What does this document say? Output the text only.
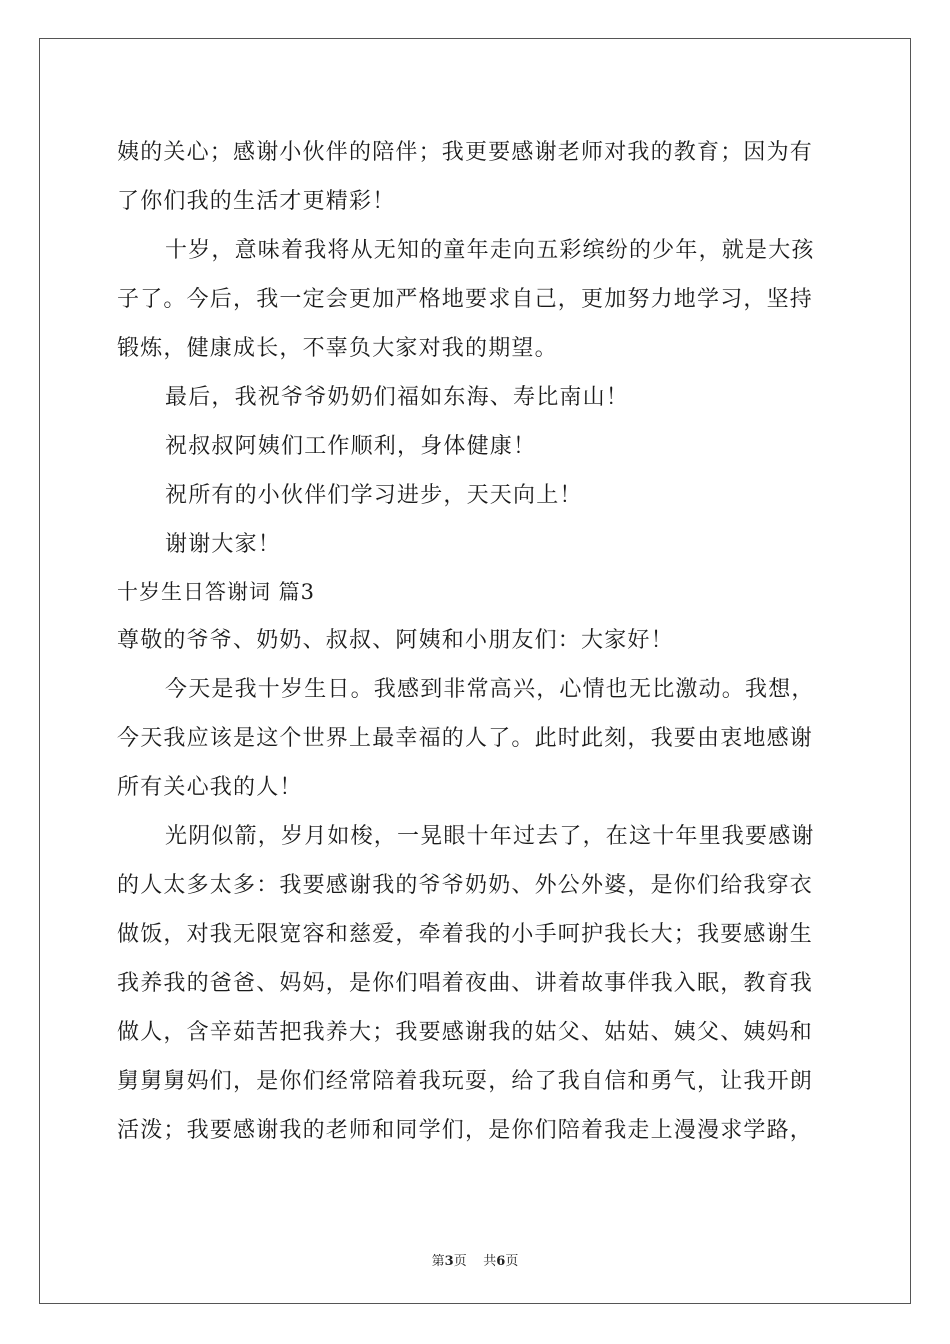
姨的关心；感谢小伙伴的陪伴；我更要感谢老师对我的教育；因为有
了你们我的生活才更精彩！
十岁，意味着我将从无知的童年走向五彩缤纷的少年，就是大孩
子了。今后，我一定会更加严格地要求自己，更加努力地学习，坚持
锻炼，健康成长，不辜负大家对我的期望。
最后，我祝爷爷奶奶们福如东海、寿比南山！
祝叔叔阿姨们工作顺利，身体健康！
祝所有的小伙伴们学习进步，天天向上！
谢谢大家！
十岁生日答谢词 篇3
尊敬的爷爷、奶奶、叔叔、阿姨和小朋友们：大家好！
今天是我十岁生日。我感到非常高兴，心情也无比激动。我想，
今天我应该是这个世界上最幸福的人了。此时此刻，我要由衷地感谢
所有关心我的人！
光阴似箭，岁月如梭，一晃眼十年过去了，在这十年里我要感谢
的人太多太多：我要感谢我的爷爷奶奶、外公外婆，是你们给我穿衣
做饭，对我无限宽容和慈爱，牵着我的小手呵护我长大；我要感谢生
我养我的爸爸、妈妈，是你们唱着夜曲、讲着故事伴我入眠，教育我
做人，含辛茹苦把我养大；我要感谢我的姑父、姑姑、姨父、姨妈和
舅舅舅妈们，是你们经常陪着我玩耍，给了我自信和勇气，让我开朗
活泼；我要感谢我的老师和同学们，是你们陪着我走上漫漫求学路，
第3页 共6页
